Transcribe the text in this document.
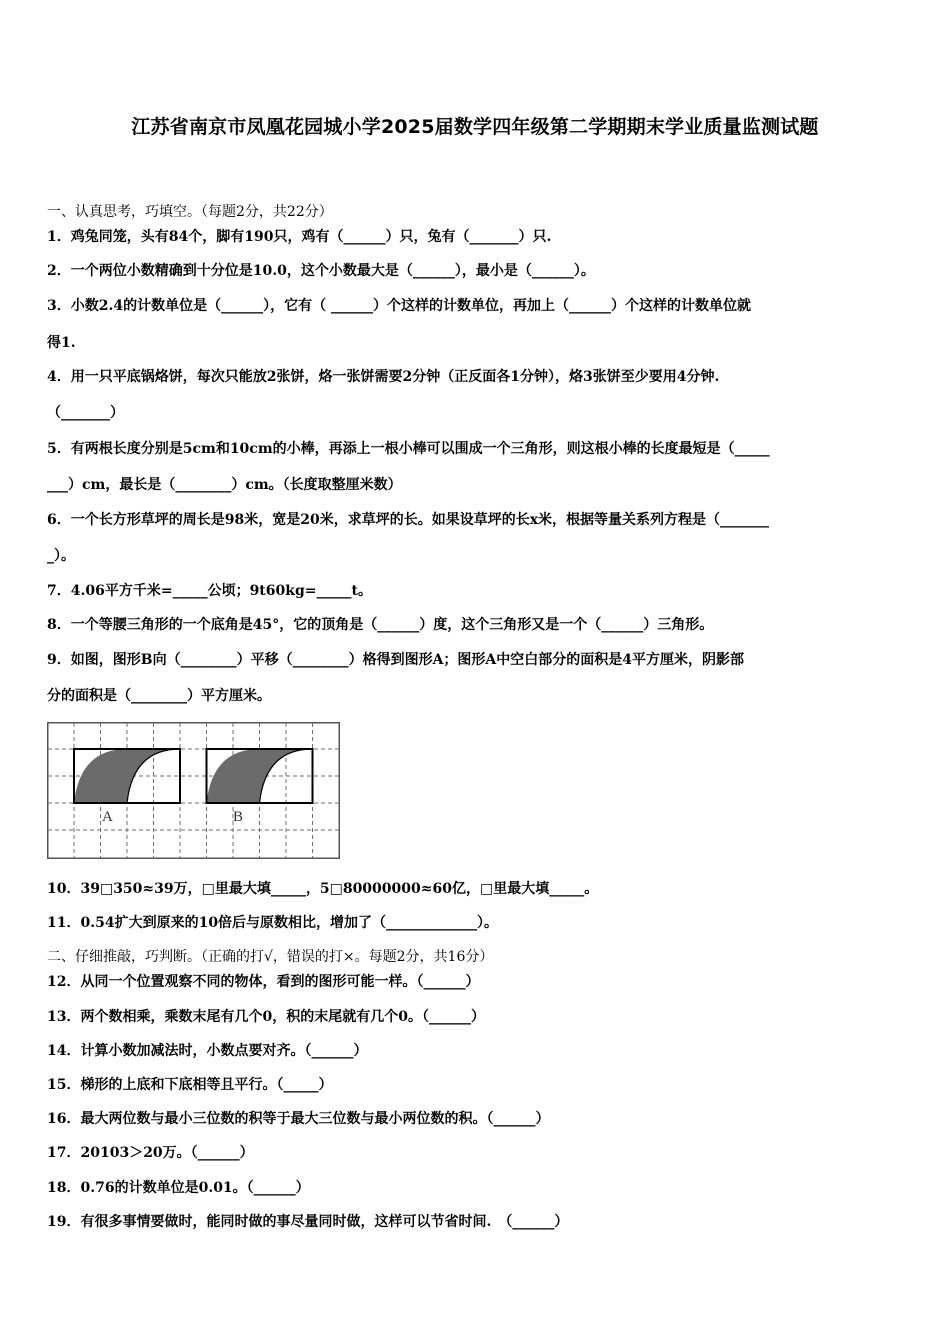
江苏省南京市凤凰花园城小学2025届数学四年级第二学期期末学业质量监测试题
一、认真思考，巧填空。（每题2分，共22分）
1．鸡兔同笼，头有84个，脚有190只，鸡有（______）只，兔有（_______）只.
2．一个两位小数精确到十分位是10.0，这个小数最大是（______），最小是（______）。
3．小数2.4的计数单位是（______），它有（ ______）个这样的计数单位，再加上（______）个这样的计数单位就
得1.
4．用一只平底锅烙饼，每次只能放2张饼，烙一张饼需要2分钟（正反面各1分钟），烙3张饼至少要用4分钟.
（_______）
5．有两根长度分别是5cm和10cm的小棒，再添上一根小棒可以围成一个三角形，则这根小棒的长度最短是（_____
___）cm，最长是（________）cm。（长度取整厘米数）
6．一个长方形草坪的周长是98米，宽是20米，求草坪的长。如果设草坪的长x米，根据等量关系列方程是（_______
_）。
7．4.06平方千米=_____公顷；9t60kg=_____t。
8．一个等腰三角形的一个底角是45°，它的顶角是（______）度，这个三角形又是一个（______）三角形。
9．如图，图形B向（________）平移（________）格得到图形A；图形A中空白部分的面积是4平方厘米，阴影部
分的面积是（________）平方厘米。
A	B
10．39□350≈39万，□里最大填_____，5□80000000≈60亿，□里最大填_____。
11．0.54扩大到原来的10倍后与原数相比，增加了（_____________）。
二、仔细推敲，巧判断。（正确的打√，错误的打×。每题2分，共16分）
12．从同一个位置观察不同的物体，看到的图形可能一样。（______）
13．两个数相乘，乘数末尾有几个0，积的末尾就有几个0。（______）
14．计算小数加减法时，小数点要对齐。（______）
15．梯形的上底和下底相等且平行。（_____）
16．最大两位数与最小三位数的积等于最大三位数与最小两位数的积。（______）
17．20103＞20万。（______）
18．0.76的计数单位是0.01。（______）
19．有很多事情要做时，能同时做的事尽量同时做，这样可以节省时间.　（______）
